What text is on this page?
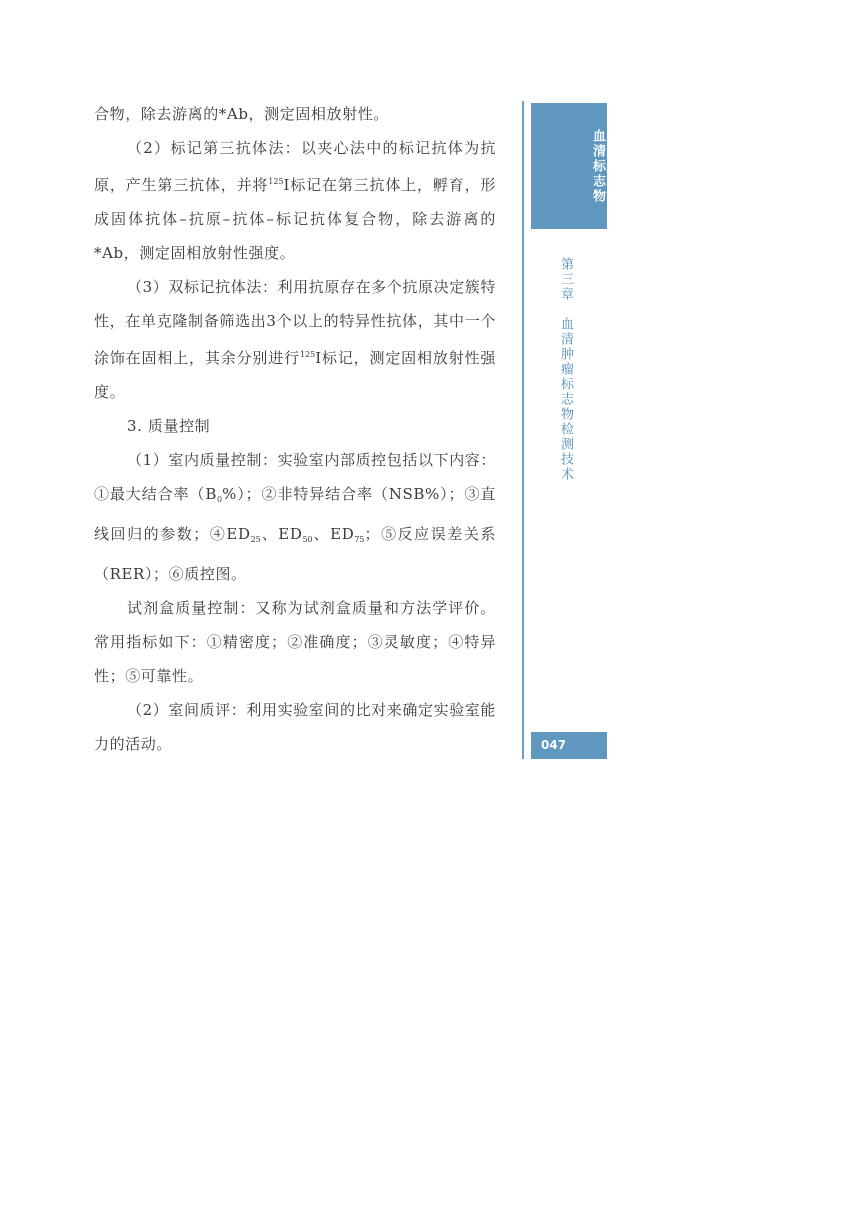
合物，除去游离的*Ab，测定固相放射性。

（2）标记第三抗体法：以夹心法中的标记抗体为抗原，产生第三抗体，并将$^{125}$I标记在第三抗体上，孵育，形成固体抗体–抗原–抗体–标记抗体复合物，除去游离的*Ab，测定固相放射性强度。

（3）双标记抗体法：利用抗原存在多个抗原决定簇特性，在单克隆制备筛选出3个以上的特异性抗体，其中一个涂饰在固相上，其余分别进行$^{125}$I标记，测定固相放射性强度。

3. 质量控制

（1）室内质量控制：实验室内部质控包括以下内容：①最大结合率$(B_0\%)$；②非特异结合率（NSB%）；③直线回归的参数；$④ED_{25}$、$ED_{50}$、$ED_{75}$；⑤反应误差关系（RER）；⑥质控图。

试剂盒质量控制：又称为试剂盒质量和方法学评价。常用指标如下：①精密度；②准确度；③灵敏度；④特异性；⑤可靠性。

（2）室间质评：利用实验室间的比对来确定实验室能力的活动。

血清标志物
第三章　血清肿瘤标志物检测技术
047
